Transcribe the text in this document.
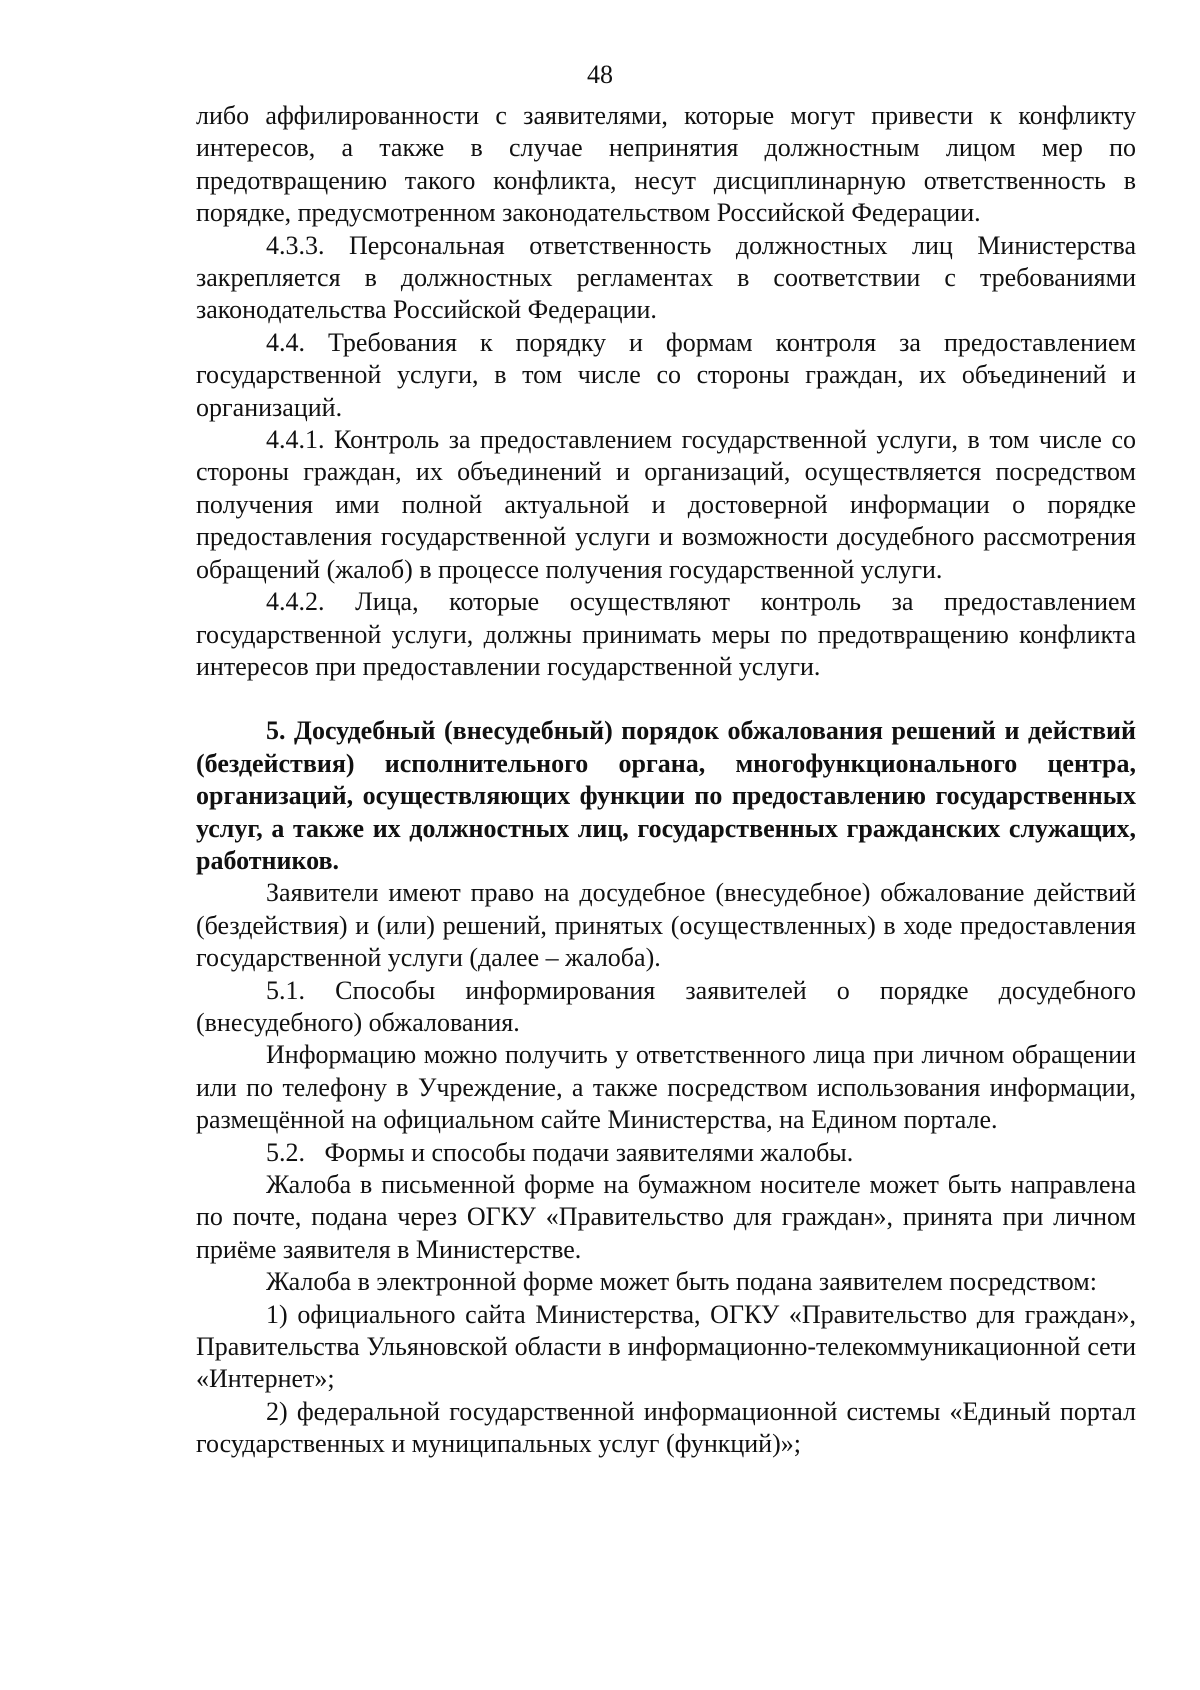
48

либо аффилированности с заявителями, которые могут привести к конфликту интересов, а также в случае непринятия должностным лицом мер по предотвращению такого конфликта, несут дисциплинарную ответственность в порядке, предусмотренном законодательством Российской Федерации.

4.3.3. Персональная ответственность должностных лиц Министерства закрепляется в должностных регламентах в соответствии с требованиями законодательства Российской Федерации.

4.4. Требования к порядку и формам контроля за предоставлением государственной услуги, в том числе со стороны граждан, их объединений и организаций.

4.4.1. Контроль за предоставлением государственной услуги, в том числе со стороны граждан, их объединений и организаций, осуществляется посредством получения ими полной актуальной и достоверной информации о порядке предоставления государственной услуги и возможности досудебного рассмотрения обращений (жалоб) в процессе получения государственной услуги.

4.4.2. Лица, которые осуществляют контроль за предоставлением государственной услуги, должны принимать меры по предотвращению конфликта интересов при предоставлении государственной услуги.

5. Досудебный (внесудебный) порядок обжалования решений и действий (бездействия) исполнительного органа, многофункционального центра, организаций, осуществляющих функции по предоставлению государственных услуг, а также их должностных лиц, государственных гражданских служащих, работников.

Заявители имеют право на досудебное (внесудебное) обжалование действий (бездействия) и (или) решений, принятых (осуществленных) в ходе предоставления государственной услуги (далее – жалоба).

5.1. Способы информирования заявителей о порядке досудебного (внесудебного) обжалования.

Информацию можно получить у ответственного лица при личном обращении или по телефону в Учреждение, а также посредством использования информации, размещённой на официальном сайте Министерства, на Едином портале.

5.2.   Формы и способы подачи заявителями жалобы.

Жалоба в письменной форме на бумажном носителе может быть направлена по почте, подана через ОГКУ «Правительство для граждан», принята при личном приёме заявителя в Министерстве.

Жалоба в электронной форме может быть подана заявителем посредством:

1) официального сайта Министерства, ОГКУ «Правительство для граждан», Правительства Ульяновской области в информационно-телекоммуникационной сети «Интернет»;

2) федеральной государственной информационной системы «Единый портал государственных и муниципальных услуг (функций)»;
